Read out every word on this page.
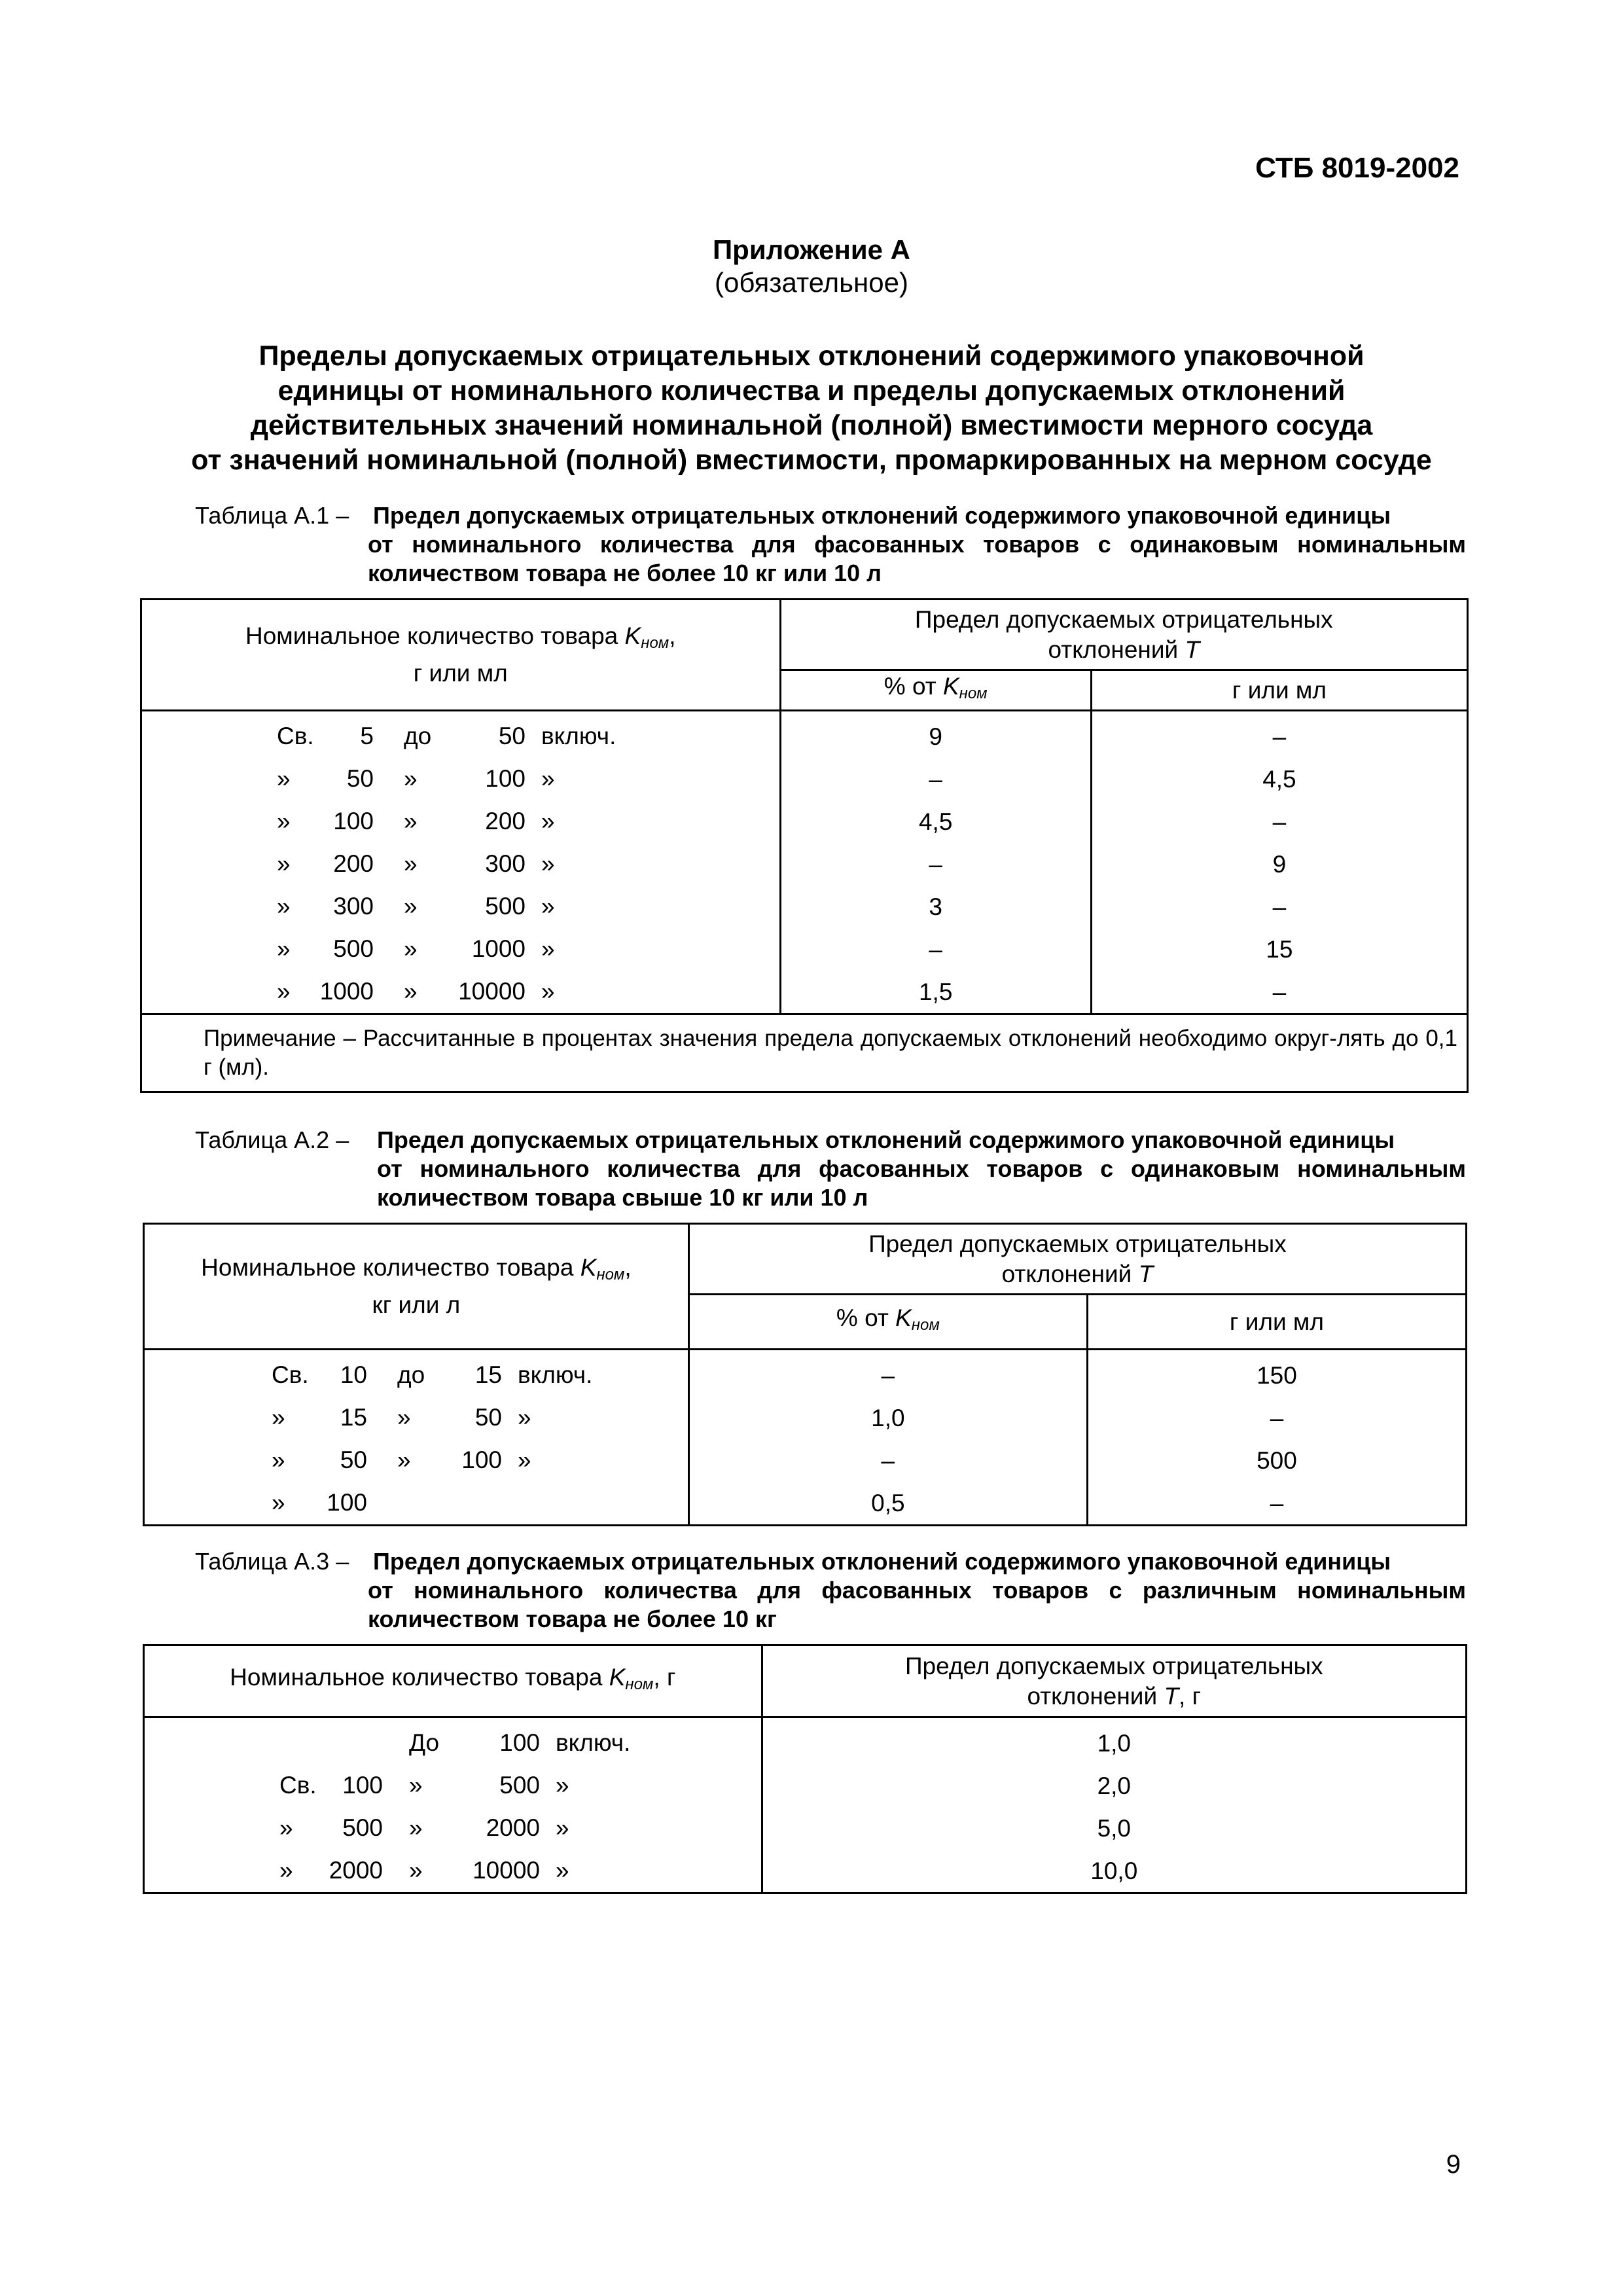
СТБ 8019-2002
Приложение А
(обязательное)
Пределы допускаемых отрицательных отклонений содержимого упаковочной
единицы от номинального количества и пределы допускаемых отклонений
действительных значений номинальной (полной) вместимости мерного сосуда
от значений номинальной (полной) вместимости, промаркированных на мерном сосуде
Таблица А.1 – Предел допускаемых отрицательных отклонений содержимого упаковочной единицы
от номинального количества для фасованных товаров с одинаковым номинальным
количеством товара не более 10 кг или 10 л
Номинальное количество товара $K_{ном}$,
г или мл	Предел допускаемых отрицательных
отклонений T	
	% от $K_{ном}$	г или мл

Св. 5 до 50 включ.	9	–

» 50 » 100 »	–	4,5

» 100 » 200 »	4,5	–

» 200 » 300 »	–	9

» 300 » 500 »	3	–

» 500 » 1000 »	–	15

» 1000 » 10000 »	1,5	–
Примечание – Рассчитанные в процентах значения предела допускаемых отклонений необходимо округ-лять до 0,1 г (мл).		
Таблица А.2 – Предел допускаемых отрицательных отклонений содержимого упаковочной единицы
от номинального количества для фасованных товаров с одинаковым номинальным
количеством товара свыше 10 кг или 10 л
Номинальное количество товара $K_{ном}$,
кг или л	Предел допускаемых отрицательных
отклонений T	
	% от $K_{ном}$	г или мл

Св. 10 до 15 включ.	–	150

» 15 » 50 »	1,0	–

» 50 » 100 »	–	500

» 100	0,5	–
Таблица А.3 – Предел допускаемых отрицательных отклонений содержимого упаковочной единицы
от номинального количества для фасованных товаров с различным номинальным
количеством товара не более 10 кг
Номинальное количество товара $K_{ном}$, г	Предел допускаемых отрицательных
отклонений T, г

До 100 включ.	1,0

Св. 100 » 500 »	2,0

» 500 » 2000 »	5,0

» 2000 » 10000 »	10,0
9
